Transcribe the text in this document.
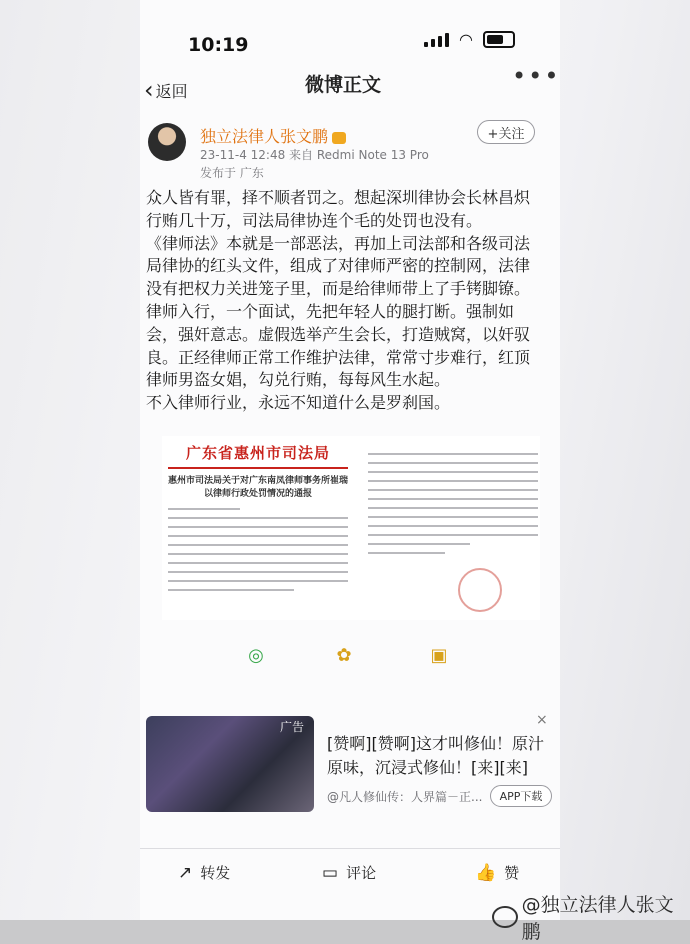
10:19	◠
‹ 返回	微博正文	•••
独立法律人张文鹏
23-11-4 12:48 来自 Redmi Note 13 Pro
发布于 广东
+关注

众人皆有罪，择不顺者罚之。想起深圳律协会长林昌炽行贿几十万，司法局律协连个毛的处罚也没有。

《律师法》本就是一部恶法，再加上司法部和各级司法局律协的红头文件，组成了对律师严密的控制网，法律没有把权力关进笼子里，而是给律师带上了手铐脚镣。

律师入行，一个面试，先把年轻人的腿打断。强制如会，强奸意志。虚假选举产生会长，打造贼窝，以奸驭良。正经律师正常工作维护法律，常常寸步难行，红顶律师男盗女娼，勾兑行贿，每每风生水起。

不入律师行业，永远不知道什么是罗刹国。

广东省惠州市司法局
惠州市司法局关于对广东南凤律师事务所崔瑞以律师行政处罚情况的通报
◎	✿	▣
×
广告
[赞啊][赞啊]这才叫修仙！原汁原味，沉浸式修仙！[来][来]
@凡人修仙传：人界篇－正...	APP下载
↗ 转发	▭ 评论	👍 赞
@独立法律人张文鹏
